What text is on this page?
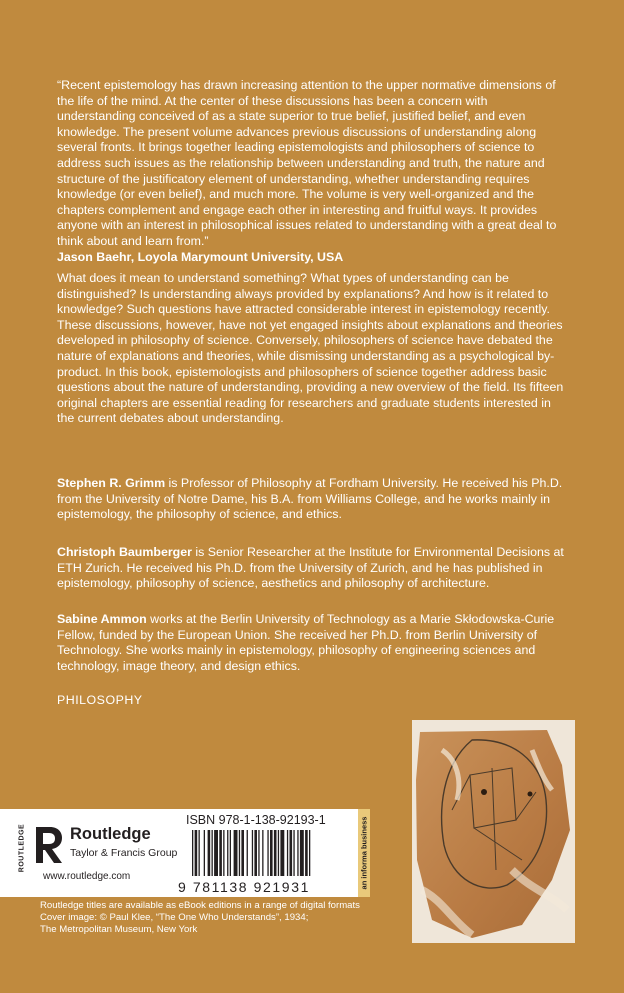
“Recent epistemology has drawn increasing attention to the upper normative dimensions of the life of the mind. At the center of these discussions has been a concern with understanding conceived of as a state superior to true belief, justified belief, and even knowledge. The present volume advances previous discussions of understanding along several fronts. It brings together leading epistemologists and philosophers of science to address such issues as the relationship between understanding and truth, the nature and structure of the justificatory element of understanding, whether understanding requires knowledge (or even belief), and much more. The volume is very well-organized and the chapters complement and engage each other in interesting and fruitful ways. It provides anyone with an interest in philosophical issues related to understanding with a great deal to think about and learn from.”
Jason Baehr, Loyola Marymount University, USA

What does it mean to understand something? What types of understanding can be distinguished? Is understanding always provided by explanations? And how is it related to knowledge? Such questions have attracted considerable interest in epistemology recently. These discussions, however, have not yet engaged insights about explanations and theories developed in philosophy of science. Conversely, philosophers of science have debated the nature of explanations and theories, while dismissing understanding as a psychological by-product. In this book, epistemologists and philosophers of science together address basic questions about the nature of understanding, providing a new overview of the field. Its fifteen original chapters are essential reading for researchers and graduate students interested in the current debates about understanding.

Stephen R. Grimm is Professor of Philosophy at Fordham University. He received his Ph.D. from the University of Notre Dame, his B.A. from Williams College, and he works mainly in epistemology, the philosophy of science, and ethics.

Christoph Baumberger is Senior Researcher at the Institute for Environmental Decisions at ETH Zurich. He received his Ph.D. from the University of Zurich, and he has published in epistemology, philosophy of science, aesthetics and philosophy of architecture.

Sabine Ammon works at the Berlin University of Technology as a Marie Skłodowska-Curie Fellow, funded by the European Union. She received her Ph.D. from Berlin University of Technology. She works mainly in epistemology, philosophy of engineering sciences and technology, image theory, and design ethics.

PHILOSOPHY

ROUTLEDGE	Routledge

Taylor & Francis Group

www.routledge.com

ISBN 978-1-138-92193-1

9 781138 921931	an informa business

Routledge titles are available as eBook editions in a range of digital formats

Cover image: © Paul Klee, “The One Who Understands”, 1934;

The Metropolitan Museum, New York
